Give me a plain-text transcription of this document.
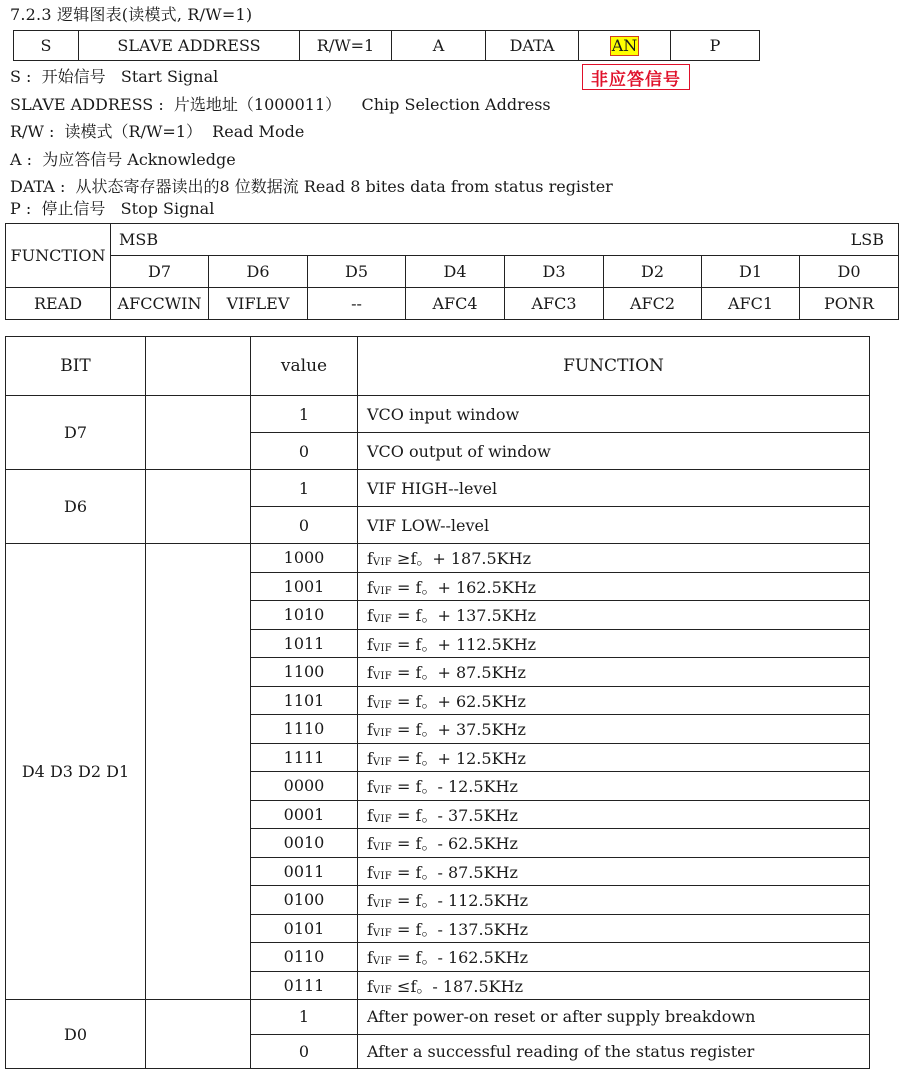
7.2.3 逻辑图表(读模式, R/W=1)
S	SLAVE ADDRESS	R/W=1	A	DATA	AN	P
非应答信号
S :  开始信号   Start Signal
SLAVE ADDRESS :  片选地址（1000011）    Chip Selection Address
R/W :  读模式（R/W=1）  Read Mode
A :  为应答信号 Acknowledge
DATA :  从状态寄存器读出的8 位数据流 Read 8 bites data from status register
P :  停止信号   Stop Signal
FUNCTION	MSB							LSB
	D7	D6	D5	D4	D3	D2	D1	D0
READ	AFCCWIN	VIFLEV	--	AFC4	AFC3	AFC2	AFC1	PONR
BIT		value	FUNCTION
D7		1	VCO input window
		0	VCO output of window
D6		1	VIF HIGH--level
		0	VIF LOW--level
D4 D3 D2 D1		1000	fVIF ≥f。+ 187.5KHz
		1001	fVIF = f。+ 162.5KHz
		1010	fVIF = f。+ 137.5KHz
		1011	fVIF = f。+ 112.5KHz
		1100	fVIF = f。+ 87.5KHz
		1101	fVIF = f。+ 62.5KHz
		1110	fVIF = f。+ 37.5KHz
		1111	fVIF = f。+ 12.5KHz
		0000	fVIF = f。- 12.5KHz
		0001	fVIF = f。- 37.5KHz
		0010	fVIF = f。- 62.5KHz
		0011	fVIF = f。- 87.5KHz
		0100	fVIF = f。- 112.5KHz
		0101	fVIF = f。- 137.5KHz
		0110	fVIF = f。- 162.5KHz
		0111	fVIF ≤f。- 187.5KHz
D0		1	After power-on reset or after supply breakdown
		0	After a successful reading of the status register
